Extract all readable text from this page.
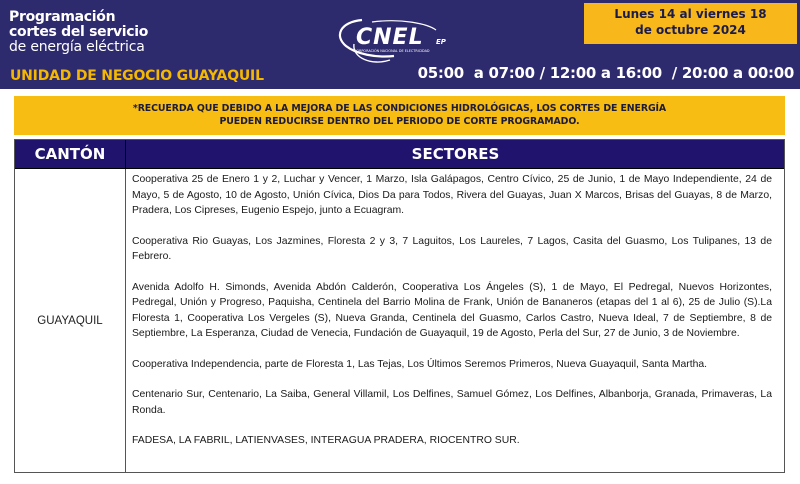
Programación
cortes del servicio
de energía eléctrica
UNIDAD DE NEGOCIO GUAYAQUIL
CNEL EP
CORPORACIÓN NACIONAL DE ELECTRICIDAD
Lunes 14 al viernes 18
de octubre 2024
05:00  a 07:00 / 12:00 a 16:00  / 20:00 a 00:00
*RECUERDA QUE DEBIDO A LA MEJORA DE LAS CONDICIONES HIDROLÓGICAS, LOS CORTES DE ENERGÍA
PUEDEN REDUCIRSE DENTRO DEL PERIODO DE CORTE PROGRAMADO.
CANTÓN	SECTORES
GUAYAQUIL

Cooperativa 25 de Enero 1 y 2, Luchar y Vencer, 1 Marzo, Isla Galápagos, Centro Cívico, 25 de Junio, 1 de Mayo Independiente, 24 de Mayo, 5 de Agosto, 10 de Agosto, Unión Cívica, Dios Da para Todos, Rivera del Guayas, Juan X Marcos, Brisas del Guayas, 8 de Marzo, Pradera, Los Cipreses, Eugenio Espejo, junto a Ecuagram.

Cooperativa Rio Guayas, Los Jazmines, Floresta 2 y 3, 7 Laguitos, Los Laureles, 7 Lagos, Casita del Guasmo, Los Tulipanes, 13 de Febrero.

Avenida Adolfo H. Simonds, Avenida Abdón Calderón, Cooperativa Los Ángeles (S), 1 de Mayo, El Pedregal, Nuevos Horizontes, Pedregal, Unión y Progreso, Paquisha, Centinela del Barrio Molina de Frank, Unión de Bananeros (etapas del 1 al 6), 25 de Julio (S).La Floresta 1, Cooperativa Los Vergeles (S), Nueva Granda, Centinela del Guasmo, Carlos Castro, Nueva Ideal, 7 de Septiembre, 8 de Septiembre, La Esperanza, Ciudad de Venecia, Fundación de Guayaquil, 19 de Agosto, Perla del Sur, 27 de Junio, 3 de Noviembre.

Cooperativa Independencia, parte de Floresta 1, Las Tejas, Los Últimos Seremos Primeros, Nueva Guayaquil, Santa Martha.

Centenario Sur, Centenario, La Saiba, General Villamil, Los Delfines, Samuel Gómez, Los Delfines, Albanborja, Granada, Primaveras, La Ronda.

FADESA, LA FABRIL, LATIENVASES, INTERAGUA PRADERA, RIOCENTRO SUR.
